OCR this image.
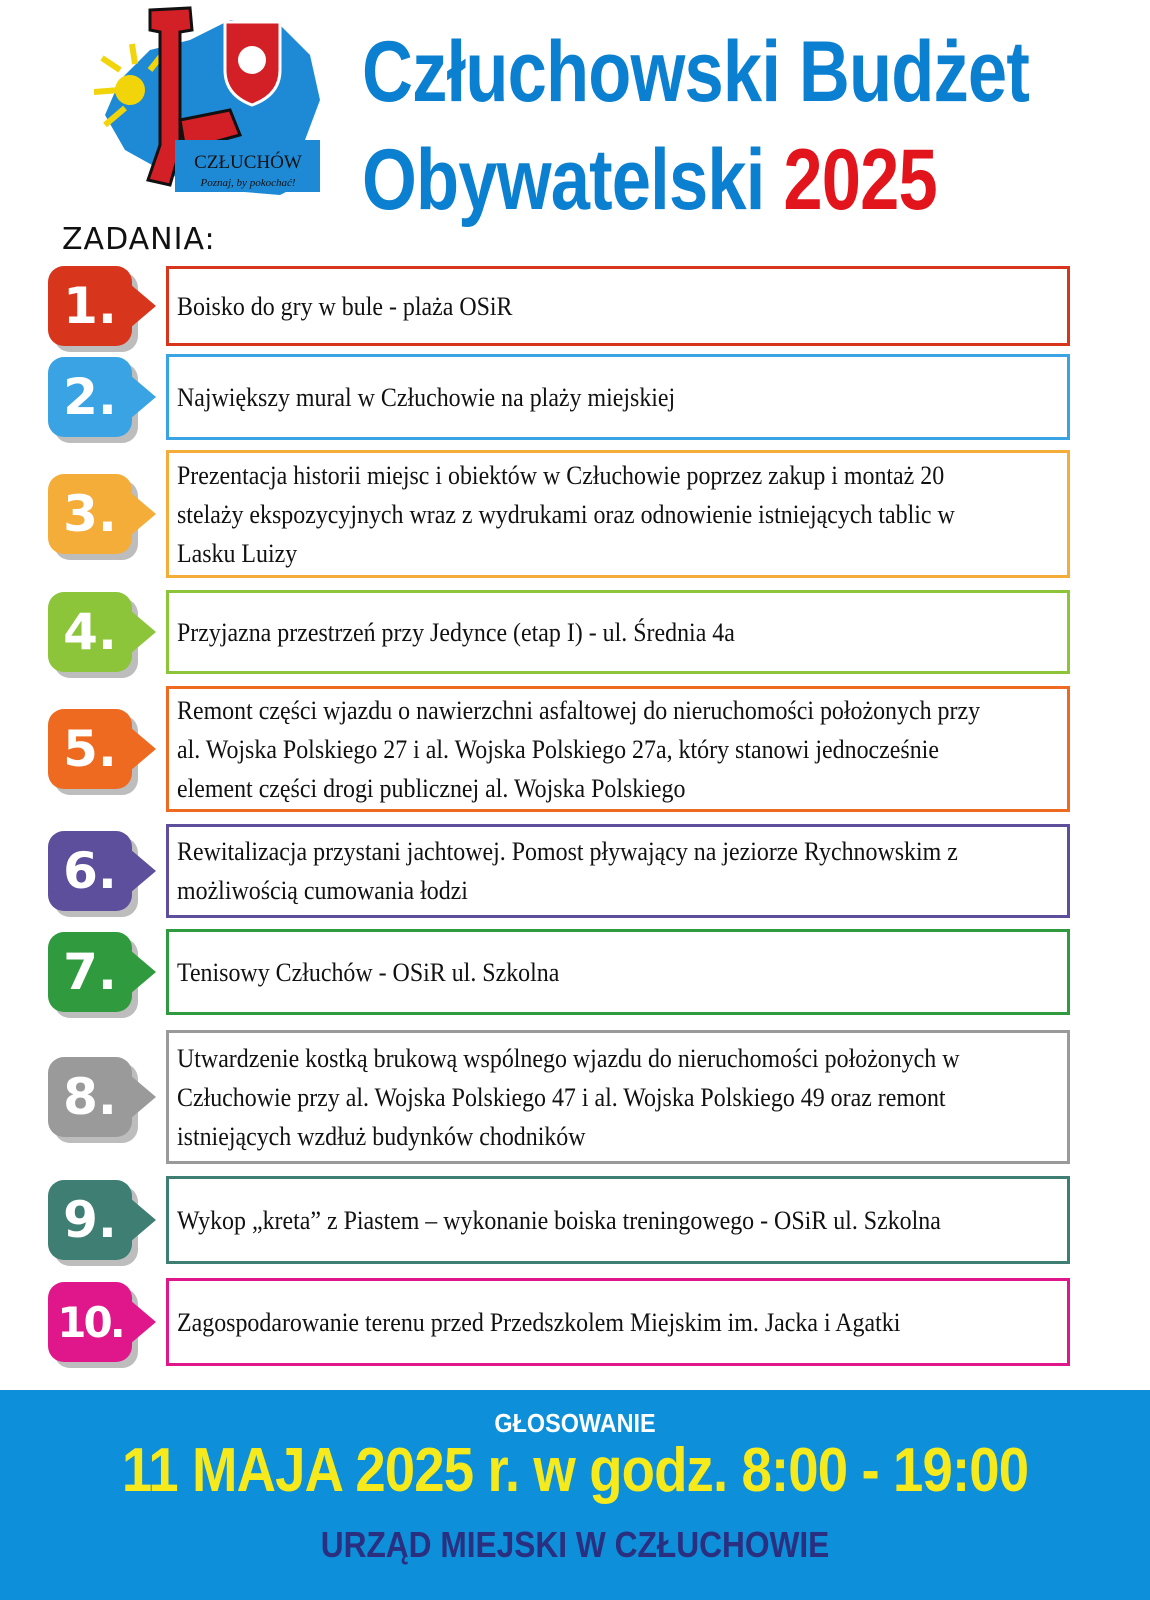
CZŁUCHÓW
Poznaj, by pokochać!
Człuchowski Budżet
Obywatelski 2025
ZADANIA:
1.	Boisko do gry w bule - plaża OSiR
2.	Największy mural w Człuchowie na plaży miejskiej
3.
Prezentacja historii miejsc i obiektów w Człuchowie poprzez zakup i montaż 20 stelaży ekspozycyjnych wraz z wydrukami oraz odnowienie istniejących tablic w Lasku Luizy
4.	Przyjazna przestrzeń przy Jedynce (etap I) - ul. Średnia 4a
5.
Remont części wjazdu o nawierzchni asfaltowej do nieruchomości położonych przy al. Wojska Polskiego 27 i al. Wojska Polskiego 27a, który stanowi jednocześnie element części drogi publicznej al. Wojska Polskiego
6.	Rewitalizacja przystani jachtowej. Pomost pływający na jeziorze Rychnowskim z możliwością cumowania łodzi
7.	Tenisowy Człuchów - OSiR ul. Szkolna
8.
Utwardzenie kostką brukową wspólnego wjazdu do nieruchomości położonych w Człuchowie przy al. Wojska Polskiego 47 i al. Wojska Polskiego 49 oraz remont istniejących wzdłuż budynków chodników
9.	Wykop „kreta” z Piastem – wykonanie boiska treningowego - OSiR ul. Szkolna
10.	Zagospodarowanie terenu przed Przedszkolem Miejskim im. Jacka i Agatki
GŁOSOWANIE
11 MAJA 2025 r. w godz. 8:00 - 19:00
URZĄD MIEJSKI W CZŁUCHOWIE
